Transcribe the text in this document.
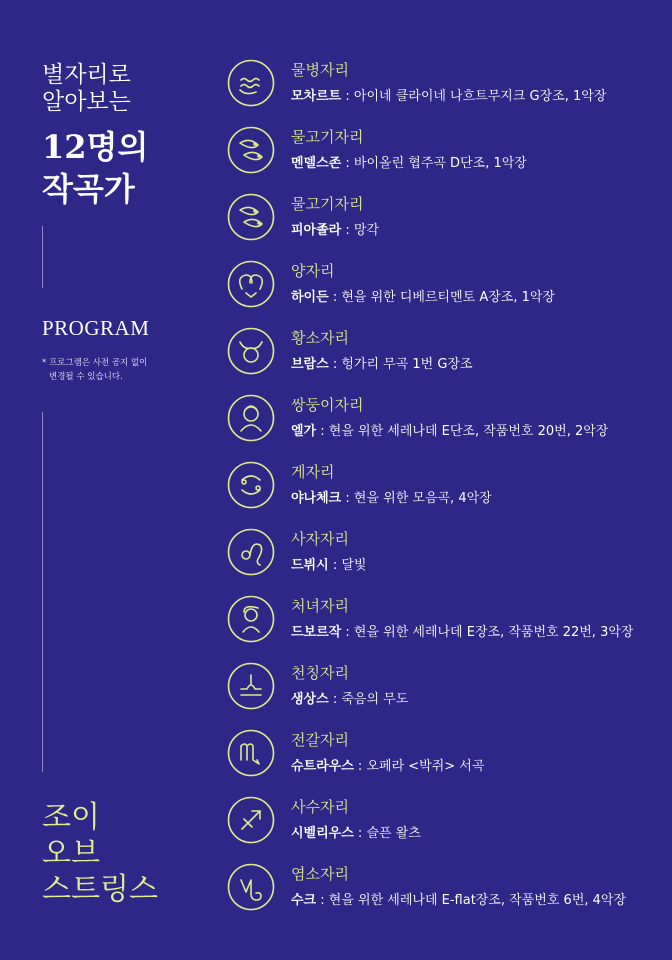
별자리로
알아보는
12명의
작곡가
PROGRAM
* 프로그램은 사전 공지 없이
변경될 수 있습니다.
조이
오브
스트링스
물병자리
모차르트 : 아이네 클라이네 나흐트무지크 G장조, 1악장
물고기자리
멘델스존 : 바이올린 협주곡 D단조, 1악장
물고기자리
피아졸라 : 망각
양자리
하이든 : 현을 위한 디베르티멘토 A장조, 1악장
황소자리
브람스 : 헝가리 무곡 1번 G장조
쌍둥이자리
엘가 : 현을 위한 세레나데 E단조, 작품번호 20번, 2악장
게자리
야나체크 : 현을 위한 모음곡, 4악장
사자자리
드뷔시 : 달빛
처녀자리
드보르작 : 현을 위한 세레나데 E장조, 작품번호 22번, 3악장
천칭자리
생상스 : 죽음의 무도
전갈자리
슈트라우스 : 오페라 <박쥐> 서곡
사수자리
시벨리우스 : 슬픈 왈츠
염소자리
수크 : 현을 위한 세레나데 E-flat장조, 작품번호 6번, 4악장
